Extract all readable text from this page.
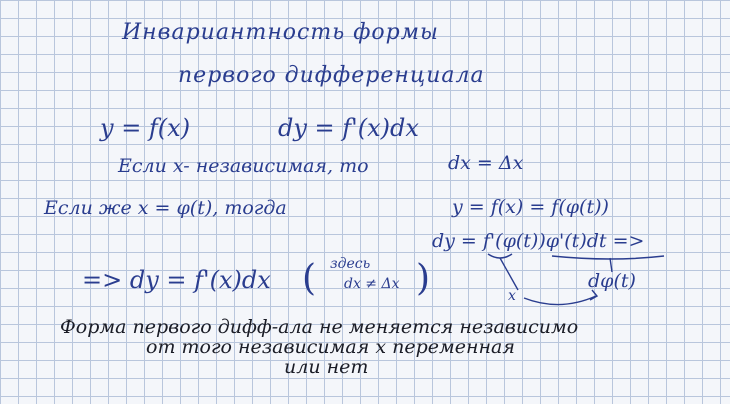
Инвариантность формы
первого дифференциала
y = f(x)	dy = f'(x)dx
Если x- независимая, то	dx = Δx
Если же x = φ(t), тогда	y = f(x) = f(φ(t))
dy = f'(φ(t))φ'(t)dt =>
dφ(t)
x
=> dy = f'(x)dx ( здесь
dx ≠ Δx )
Форма первого дифф-ала не меняется независимо
от того независимая x переменная
или нет
